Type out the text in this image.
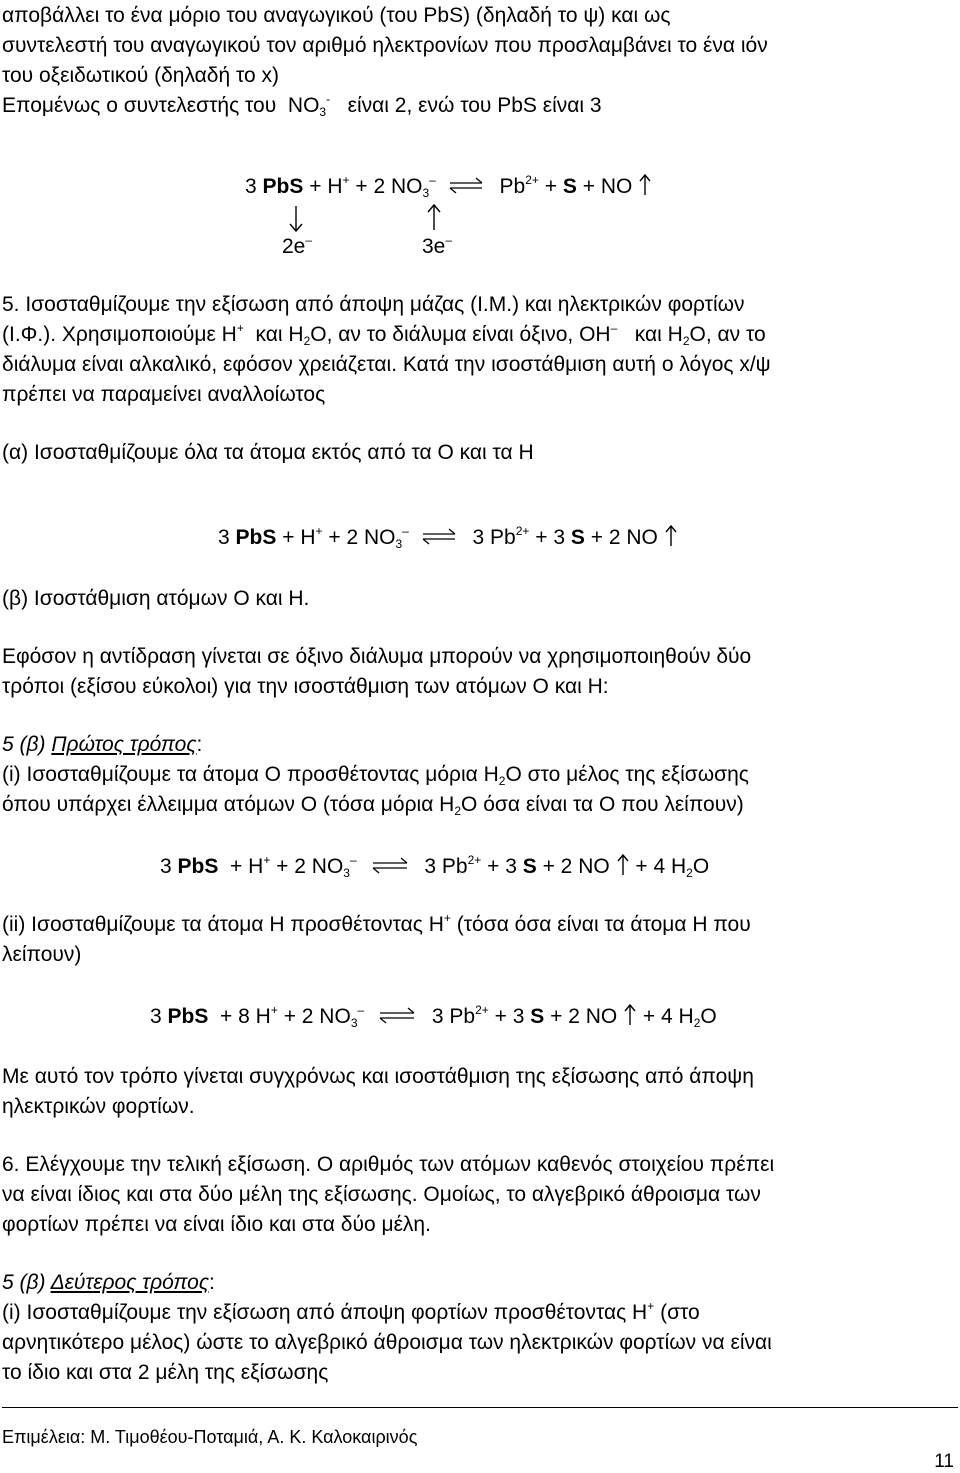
αποβάλλει το ένα μόριο του αναγωγικού (του PbS) (δηλαδή το ψ) και ως
συντελεστή του αναγωγικού τον αριθμό ηλεκτρονίων που προσλαμβάνει το ένα ιόν
του οξειδωτικού (δηλαδή το x)
Επομένως ο συντελεστής του $NO_3^-$ είναι 2, ενώ του PbS είναι 3
3 PbS + H+ + 2 $NO_3^-$ ⇌ $Pb^{2+} + S$ + NO
2e–	3e–
5. Ισοσταθμίζουμε την εξίσωση από άποψη μάζας (Ι.Μ.) και ηλεκτρικών φορτίων
(Ι.Φ.). Χρησιμοποιούμε H+ και $H_2O$, αν το διάλυμα είναι όξινο, OH– και $H_2O$, αν το
διάλυμα είναι αλκαλικό, εφόσον χρειάζεται. Κατά την ισοστάθμιση αυτή ο λόγος x/ψ
πρέπει να παραμείνει αναλλοίωτος
(α) Ισοσταθμίζουμε όλα τα άτομα εκτός από τα Ο και τα Η
3 PbS + H+ + 2 $NO_3^-$ ⇌ 3 $Pb^{2+} + 3$ S + 2 NO
(β) Ισοστάθμιση ατόμων Ο και Η.
Εφόσον η αντίδραση γίνεται σε όξινο διάλυμα μπορούν να χρησιμοποιηθούν δύο
τρόποι (εξίσου εύκολοι) για την ισοστάθμιση των ατόμων Ο και Η:
5 (β) Πρώτος τρόπος:
(i) Ισοσταθμίζουμε τα άτομα Ο προσθέτοντας μόρια $H_2O$ στο μέλος της εξίσωσης
όπου υπάρχει έλλειμμα ατόμων Ο (τόσα μόρια $H_2O$ όσα είναι τα Ο που λείπουν)
3 PbS + H+ + 2 $NO_3^-$ ⇌ 3 $Pb^{2+} + 3$ S + 2 NO + 4 $H_2O$
(ii) Ισοσταθμίζουμε τα άτομα Η προσθέτοντας H+ (τόσα όσα είναι τα άτομα Η που
λείπουν)
3 PbS + 8 H+ + 2 $NO_3^-$ ⇌ 3 $Pb^{2+} + 3$ S + 2 NO + 4 $H_2O$
Με αυτό τον τρόπο γίνεται συγχρόνως και ισοστάθμιση της εξίσωσης από άποψη
ηλεκτρικών φορτίων.
6. Ελέγχουμε την τελική εξίσωση. Ο αριθμός των ατόμων καθενός στοιχείου πρέπει
να είναι ίδιος και στα δύο μέλη της εξίσωσης. Ομοίως, το αλγεβρικό άθροισμα των
φορτίων πρέπει να είναι ίδιο και στα δύο μέλη.
5 (β) Δεύτερος τρόπος:
(i) Ισοσταθμίζουμε την εξίσωση από άποψη φορτίων προσθέτοντας H+ (στο
αρνητικότερο μέλος) ώστε το αλγεβρικό άθροισμα των ηλεκτρικών φορτίων να είναι
το ίδιο και στα 2 μέλη της εξίσωσης
Επιμέλεια: Μ. Τιμοθέου-Ποταμιά, Α. Κ. Καλοκαιρινός
11
